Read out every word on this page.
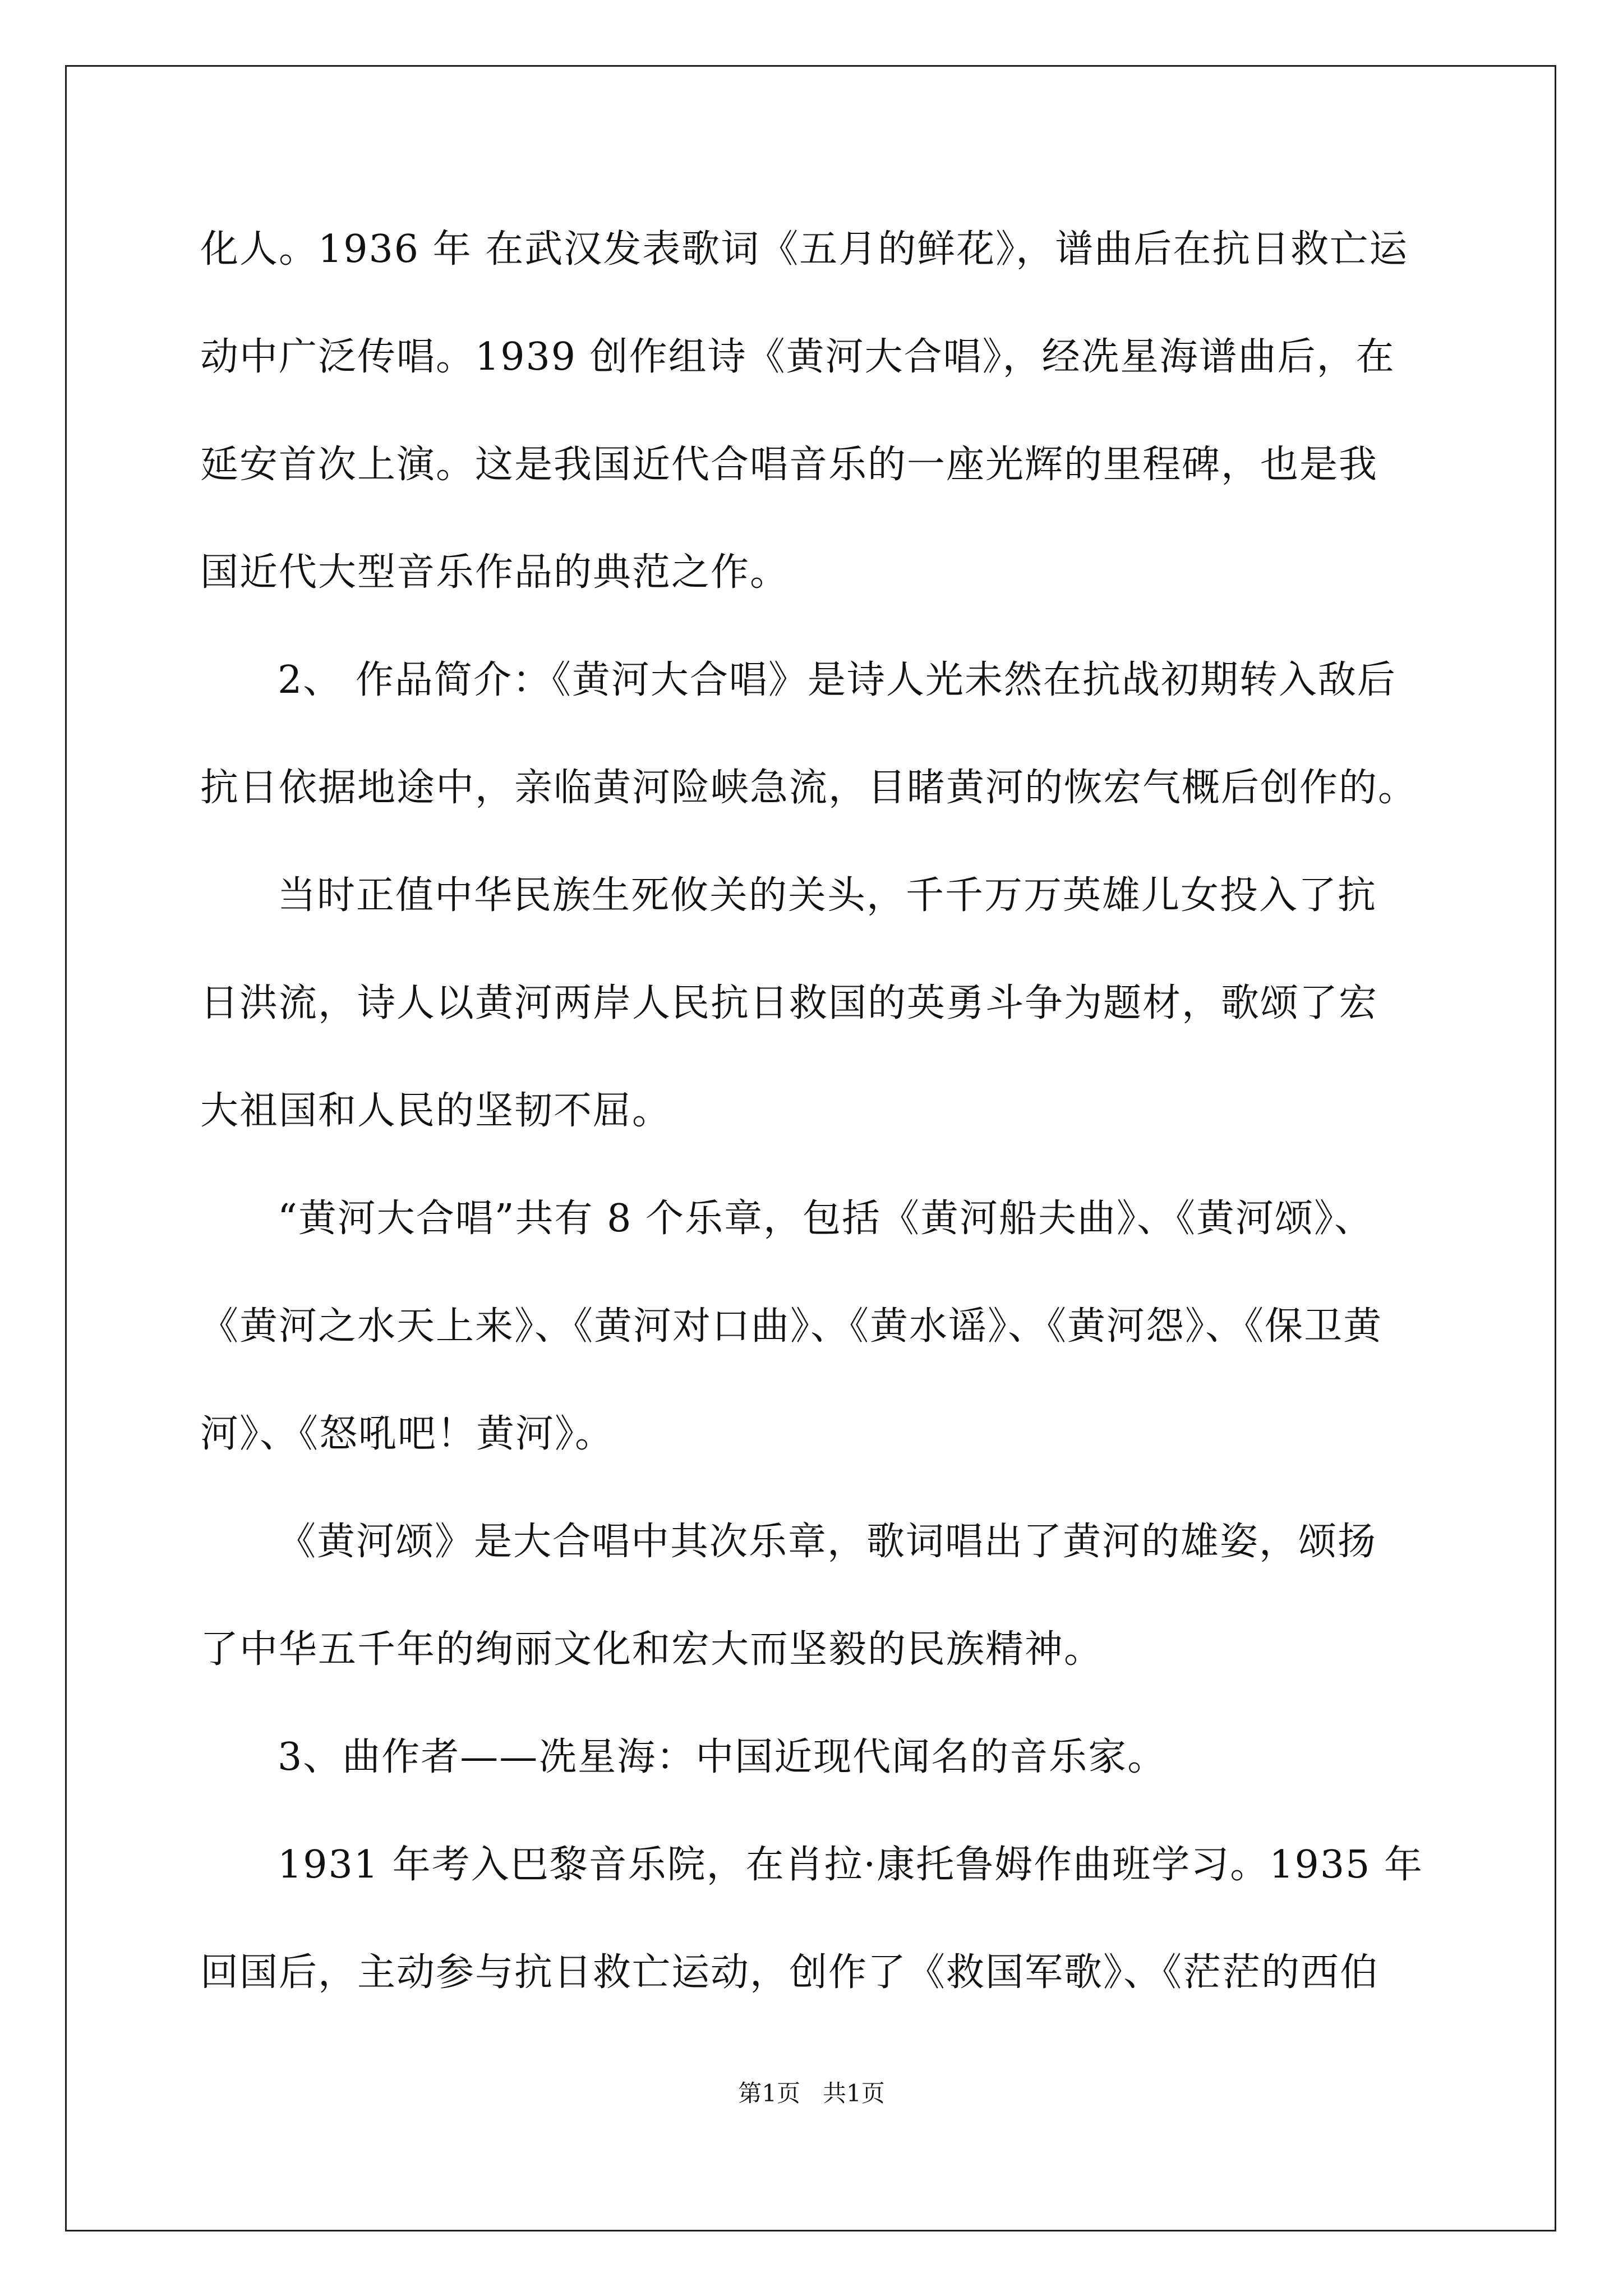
化人。1936 年 在武汉发表歌词《五月的鲜花》，谱曲后在抗日救亡运
动中广泛传唱。1939 创作组诗《黄河大合唱》，经冼星海谱曲后，在
延安首次上演。这是我国近代合唱音乐的一座光辉的里程碑，也是我
国近代大型音乐作品的典范之作。
2、 作品简介：《黄河大合唱》是诗人光未然在抗战初期转入敌后
抗日依据地途中，亲临黄河险峡急流，目睹黄河的恢宏气概后创作的。
当时正值中华民族生死攸关的关头，千千万万英雄儿女投入了抗
日洪流，诗人以黄河两岸人民抗日救国的英勇斗争为题材，歌颂了宏
大祖国和人民的坚韧不屈。
“黄河大合唱”共有 8 个乐章，包括《黄河船夫曲》、《黄河颂》、
《黄河之水天上来》、《黄河对口曲》、《黄水谣》、《黄河怨》、《保卫黄
河》、《怒吼吧！黄河》。
《黄河颂》是大合唱中其次乐章，歌词唱出了黄河的雄姿，颂扬
了中华五千年的绚丽文化和宏大而坚毅的民族精神。
3、曲作者——冼星海：中国近现代闻名的音乐家。
1931 年考入巴黎音乐院，在肖拉·康托鲁姆作曲班学习。1935 年
回国后，主动参与抗日救亡运动，创作了《救国军歌》、《茫茫的西伯
第1页   共1页
